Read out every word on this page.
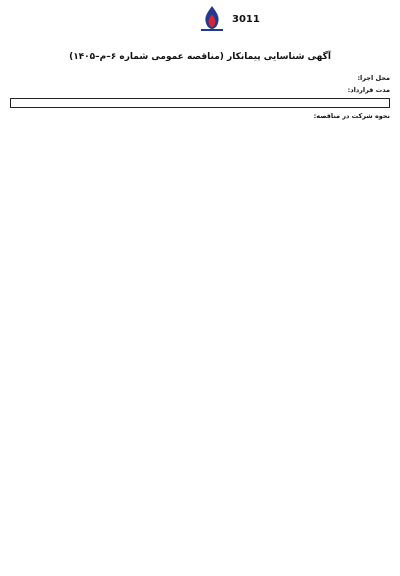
3011
آگهی شناسایی پیمانکار (مناقصه عمومی شماره ۶–م–۱۴۰۵)
محل اجرا:
مدت قرارداد:
نحوه شرکت در مناقصه:
